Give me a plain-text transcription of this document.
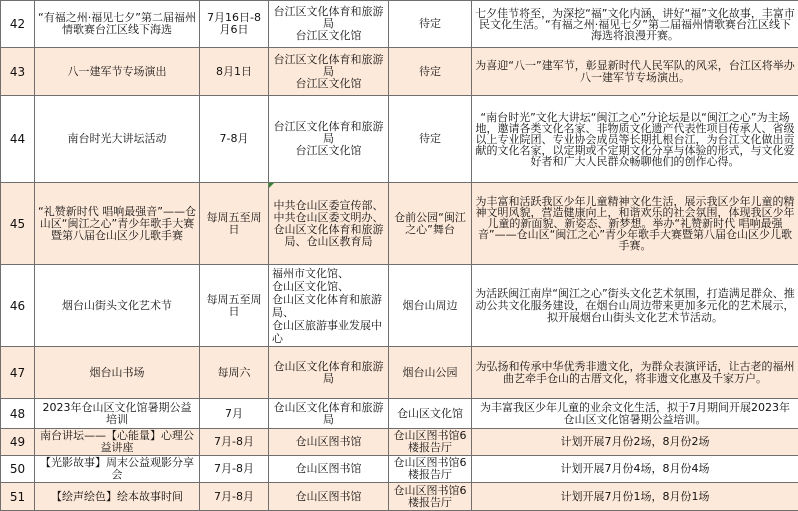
42	“有福之州·福见七夕”第二届福州情歌赛台江区线下海选	7月16日-8月6日	台江区文化体育和旅游局
台江区文化馆	待定	七夕佳节将至，为深挖“福”文化内涵，讲好“福”文化故事，丰富市民文化生活。“有福之州·福见七夕”第二届福州情歌赛台江区线下海选将浪漫开赛。
43	八一建军节专场演出	8月1日	台江区文化体育和旅游局
台江区文化馆	待定	为喜迎“八一”建军节，彰显新时代人民军队的风采，台江区将举办八一建军节专场演出。
44	南台时光大讲坛活动	7-8月	台江区文化体育和旅游局
台江区文化馆	待定	“南台时光”文化大讲坛“闽江之心”分论坛是以“闽江之心”为主场地，邀请各类文化名家、非物质文化遗产代表性项目传承人、省级以上专业院团、专业协会成员等长期扎根台江，为台江文化做出贡献的文化名家，以定期或不定期文化分享与体验的形式，与文化爱好者和广大人民群众畅聊他们的创作心得。
45	“礼赞新时代 唱响最强音”——仓山区“闽江之心”青少年歌手大赛暨第八届仓山区少儿歌手赛	每周五至周日	中共仓山区委宣传部、中共仓山区委文明办、仓山区文化体育和旅游局、仓山区教育局	仓前公园“闽江之心”舞台	为丰富和活跃我区少年儿童精神文化生活，展示我区少年儿童的精神文明风貌，营造健康向上，和谐欢乐的社会氛围，体现我区少年儿童的新面貌、新姿态、新梦想。举办“礼赞新时代 唱响最强音”——仓山区“闽江之心”青少年歌手大赛暨第八届仓山区少儿歌手赛。
46	烟台山街头文化艺术节	每周五至周日	福州市文化馆、
仓山区文化馆、
仓山区文化体育和旅游局、
仓山区旅游事业发展中心	烟台山周边	为活跃闽江南岸“闽江之心”街头文化艺术氛围，打造满足群众、推动公共文化服务建设，在烟台山周边带来更加多元化的艺术展示，拟开展烟台山街头文化艺术节活动。
47	烟台山书场	每周六	仓山区文化体育和旅游局	烟台山公园	为弘扬和传承中华优秀非遗文化，为群众表演评话，让古老的福州曲艺牵手仓山的古厝文化，将非遗文化惠及千家万户。
48	2023年仓山区文化馆暑期公益培训	7月	仓山区文化体育和旅游局	仓山区文化馆	为丰富我区少年儿童的业余文化生活，拟于7月期间开展2023年仓山区文化馆暑期公益培训。
49	南台讲坛——【心能量】心理公益讲座	7月-8月	仓山区图书馆	仓山区图书馆6楼报告厅	计划开展7月份2场，8月份2场
50	【光影故事】周末公益观影分享会	7月-8月	仓山区图书馆	仓山区图书馆6楼报告厅	计划开展7月份4场，8月份4场
51	【绘声绘色】绘本故事时间	7月-8月	仓山区图书馆	仓山区图书馆6楼报告厅	计划开展7月份1场，8月份1场
